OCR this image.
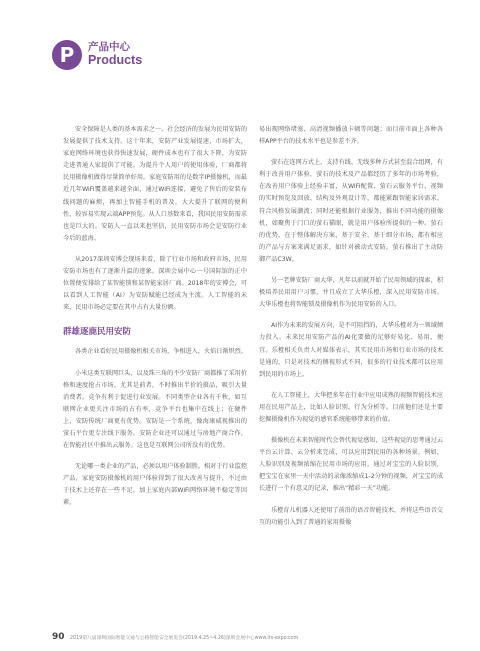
P	产品中心
Products

安全保障是人类的基本需求之一。社会经济的发展为民用安防的发展提供了技术支持。这十年来，安防产业发展提速，市场扩大，家庭网络环境也获得快速发展，硬件成本也有了很大下降，为安防走进普通人家提供了可能。为提升个人用户的使用体验，厂商都将民用摄像机做得尽量简单好用。家庭安防用的是数字IP摄像机，而最近几年WiFi覆盖越来越全面，通过WiFi连接，避免了售后的安装布线问题的麻烦，再加上智能手机的普及，大大提升了联网的便利性，较容易实现云端APP预览。从人口基数来看，我国民用安防需求也是巨大的。安防人一直以来也坚信，民用安防市场会是安防行业今后的蓝海。

从2017深圳安博会现场来看，除了行业市场和政府市场，民用安防市场也有了逐渐升温的迹象。深圳会展中心一号国际馆的正中位置便安排给了某智能锁和某智能家居厂商。2018年的安博会，可以看到人工智能（AI）为安防赋能已经成为主流。人工智能的未来，民用市场必定要在其中占有大量份额。

群雄逐鹿民用安防

各类企业看好民用摄像机相关市场，争相进入，火焰日渐炽烈。

小米这类互联网巨头，以及珠三角的不少安防厂商都推了采用价格和速度抢占市场，尤其是前者，不时推出半价的摄品，吸引大量消费者。竞争有利于促进行业发展。不同类型企业各有千秋，如互联网企业更关注市场的占有率，竞争平台也集中在线上；在硬件上，安防传统厂商更有优势。安防是一个系统，像海康威视推出的萤石平台更专注线下服务。安防企业还可以通过与房地产商合作，在智能社区中推出云服务。这也是互联网公司所没有的优势。

无论哪一类企业的产品，必须以用户体验制胜。相对于行业监控产品，家庭安防摄像机的用户体验得到了很大改善与提升，不过由于技术上还存在一些不足，加上家庭内部WiFi网络环境不稳定等因素，

易出现网络堵塞、高清视频播放卡顿等问题；而目前市面上各种各样APP平台的技术水平也是参差不齐。

萤石在连网方式上，支持有线、无线多种方式甚至混合组网，有利于改善用户体验，萤石的技术及产品都经历了多年的市场考验，在改善用户体验上经验丰富，从WiFi配置、萤石云服务平台、视频的实时预览及回放、结构及外观设计等，都能紧跟智能家居需求。符合风格发展潮流；同时还能根据行业服务，推出不同功能的摄像机，如聚焦于门口的萤石猫眼，就是用户体验所提供的一种。萤石的优势，在于整体解决方案，基于安全、基于细分市场，都有相应的产品与方案来满足需求，如针对被动式安防，萤石推出了主动防御产品C3W。

另一老牌安防厂商大华，凡年以前就开始了民用领域的探索，积极培养民用用户习惯，并且成立了大华乐橙，深入民用安防市场。大华乐橙也将智能锁及摄像机作为民用安防的入口。

AI作为未来的发展方向，是不可阻挡的，大华乐橙对为一领域倾力投入。未来民用安防产品的AI化要做的足够好易化、易用、便宜。乐橙相关负责人对媒体表示，其实民用市场和行业市场的技术是通的，只是对技术的侧视形式不同，很多的行业技术都可以应用到民用的市场上。

在人工智能上，大华把多年在行业中应用成熟的视频智能技术应用在民用产品上，比如人脸识别、行为分析等。目前他们还是主要挖掘摄像机作为视觉的感官系统能够带来的价值。

摄像机在未来智能时代会替代视觉感知，这些视觉的思考通过云平台云计算、云分析来完成，可以应用到民用的各种场景。例如，人脸识别及视频浓缩在民用市场的应用，通过对宝宝的人脸识别，把宝宝在家里一天中活动的录像浓缩成1-2分钟的视频，对宝宝的成长进行一个有意义的记录，推出“精彩一天”功能。

乐橙育儿机器人还使用了前沿的语音智能技术，并将这些语音交互的功能引入到了普通的家用摄像

90 2019第八届深圳国际智能交通与公路智能安全展览会(2019.4.25~4.26)深圳会展中心www.its-expo.com
